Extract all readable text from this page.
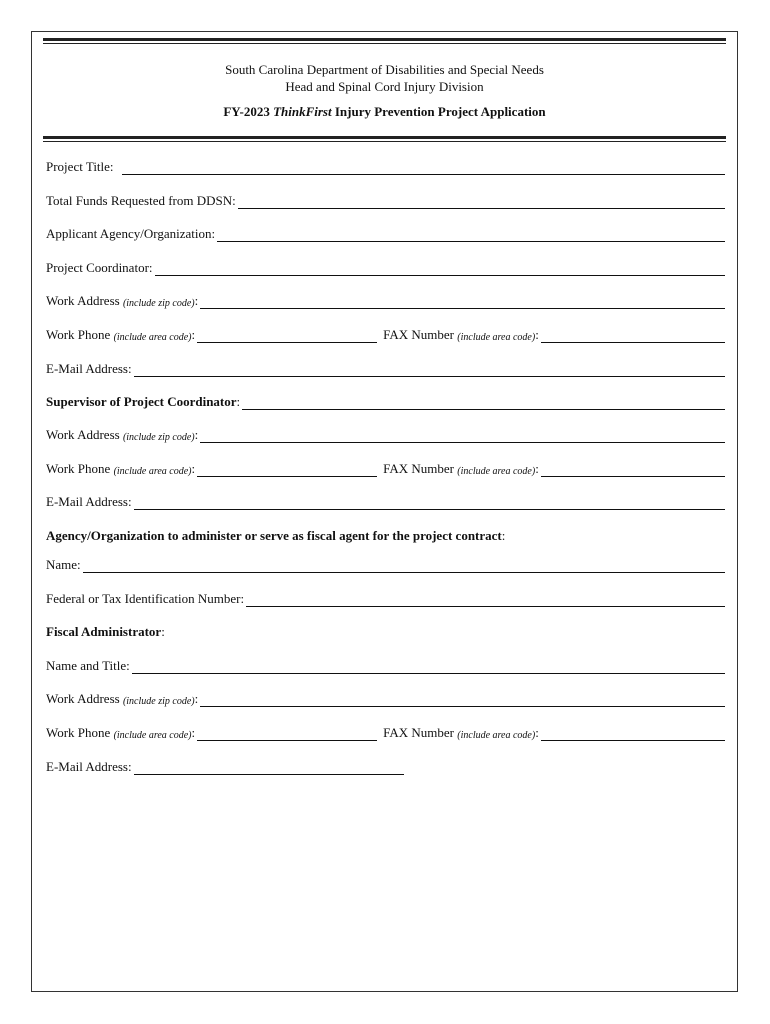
South Carolina Department of Disabilities and Special Needs
Head and Spinal Cord Injury Division
FY-2023 ThinkFirst Injury Prevention Project Application
Project Title:
Total Funds Requested from DDSN:
Applicant Agency/Organization:
Project Coordinator:
Work Address
(include zip code) :
Work Phone
(include area code) :	FAX Number
(include area code) :
E-Mail Address:
Supervisor of Project Coordinator :
Work Address
(include zip code) :
Work Phone
(include area code) :	FAX Number
(include area code) :
E-Mail Address:
Agency/Organization to administer or serve as fiscal agent for the project contract :
Name:
Federal or Tax Identification Number:
Fiscal Administrator :
Name and Title:
Work Address
(include zip code) :
Work Phone
(include area code) :	FAX Number
(include area code) :
E-Mail Address:
